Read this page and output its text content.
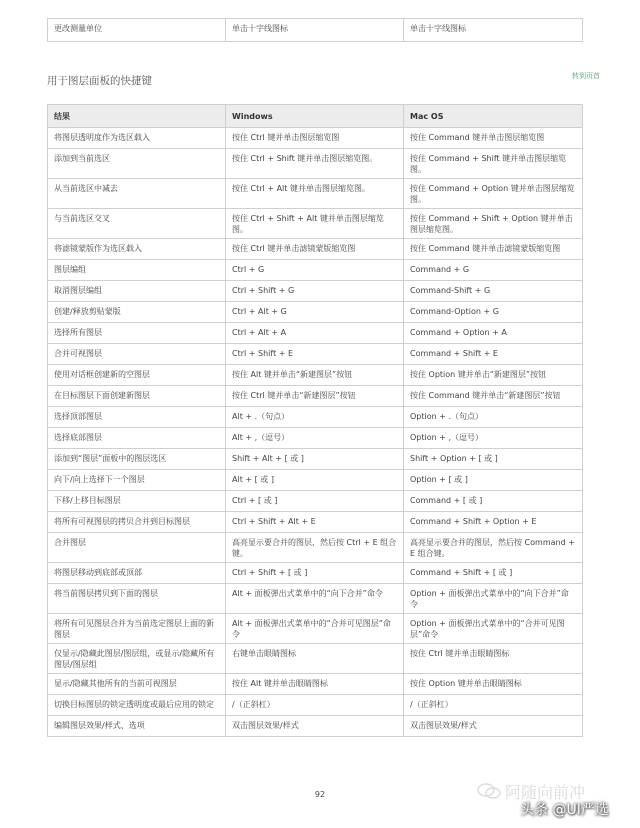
更改测量单位	单击十字线图标	单击十字线图标
用于图层面板的快捷键	转到页首
结果	Windows	Mac OS
将图层透明度作为选区载入	按住 Ctrl 键并单击图层缩览图	按住 Command 键并单击图层缩览图
添加到当前选区	按住 Ctrl + Shift 键并单击图层缩览图。	按住 Command + Shift 键并单击图层缩览图。
从当前选区中减去	按住 Ctrl + Alt 键并单击图层缩览图。	按住 Command + Option 键并单击图层缩览图。
与当前选区交叉	按住 Ctrl + Shift + Alt 键并单击图层缩览图。	按住 Command + Shift + Option 键并单击图层缩览图。
将滤镜蒙版作为选区载入	按住 Ctrl 键并单击滤镜蒙版缩览图	按住 Command 键并单击滤镜蒙版缩览图
图层编组	Ctrl + G	Command + G
取消图层编组	Ctrl + Shift + G	Command-Shift + G
创建/释放剪贴蒙版	Ctrl + Alt + G	Command-Option + G
选择所有图层	Ctrl + Alt + A	Command + Option + A
合并可视图层	Ctrl + Shift + E	Command + Shift + E
使用对话框创建新的空图层	按住 Alt 键并单击“新建图层”按钮	按住 Option 键并单击“新建图层”按钮
在目标图层下面创建新图层	按住 Ctrl 键并单击“新建图层”按钮	按住 Command 键并单击“新建图层”按钮
选择顶部图层	Alt + .（句点）	Option + .（句点）
选择底部图层	Alt + ,（逗号）	Option + ,（逗号）
添加到“图层”面板中的图层选区	Shift + Alt + [ 或 ]	Shift + Option + [ 或 ]
向下/向上选择下一个图层	Alt + [ 或 ]	Option + [ 或 ]
下移/上移目标图层	Ctrl + [ 或 ]	Command + [ 或 ]
将所有可视图层的拷贝合并到目标图层	Ctrl + Shift + Alt + E	Command + Shift + Option + E
合并图层	高亮显示要合并的图层，然后按 Ctrl + E 组合键。	高亮显示要合并的图层，然后按 Command + E 组合键。
将图层移动到底部或顶部	Ctrl + Shift + [ 或 ]	Command + Shift + [ 或 ]
将当前图层拷贝到下面的图层	Alt + 面板弹出式菜单中的“向下合并”命令	Option + 面板弹出式菜单中的“向下合并”命令
将所有可见图层合并为当前选定图层上面的新图层	Alt + 面板弹出式菜单中的“合并可见图层”命令	Option + 面板弹出式菜单中的“合并可见图层”命令
仅显示/隐藏此图层/图层组，或显示/隐藏所有图层/图层组	右键单击眼睛图标	按住 Ctrl 键并单击眼睛图标
显示/隐藏其他所有的当前可视图层	按住 Alt 键并单击眼睛图标	按住 Option 键并单击眼睛图标
切换目标图层的锁定透明度或最后应用的锁定	/（正斜杠）	/（正斜杠）
编辑图层效果/样式、选项	双击图层效果/样式	双击图层效果/样式
92	阿随向前冲
头条 @UI严选
